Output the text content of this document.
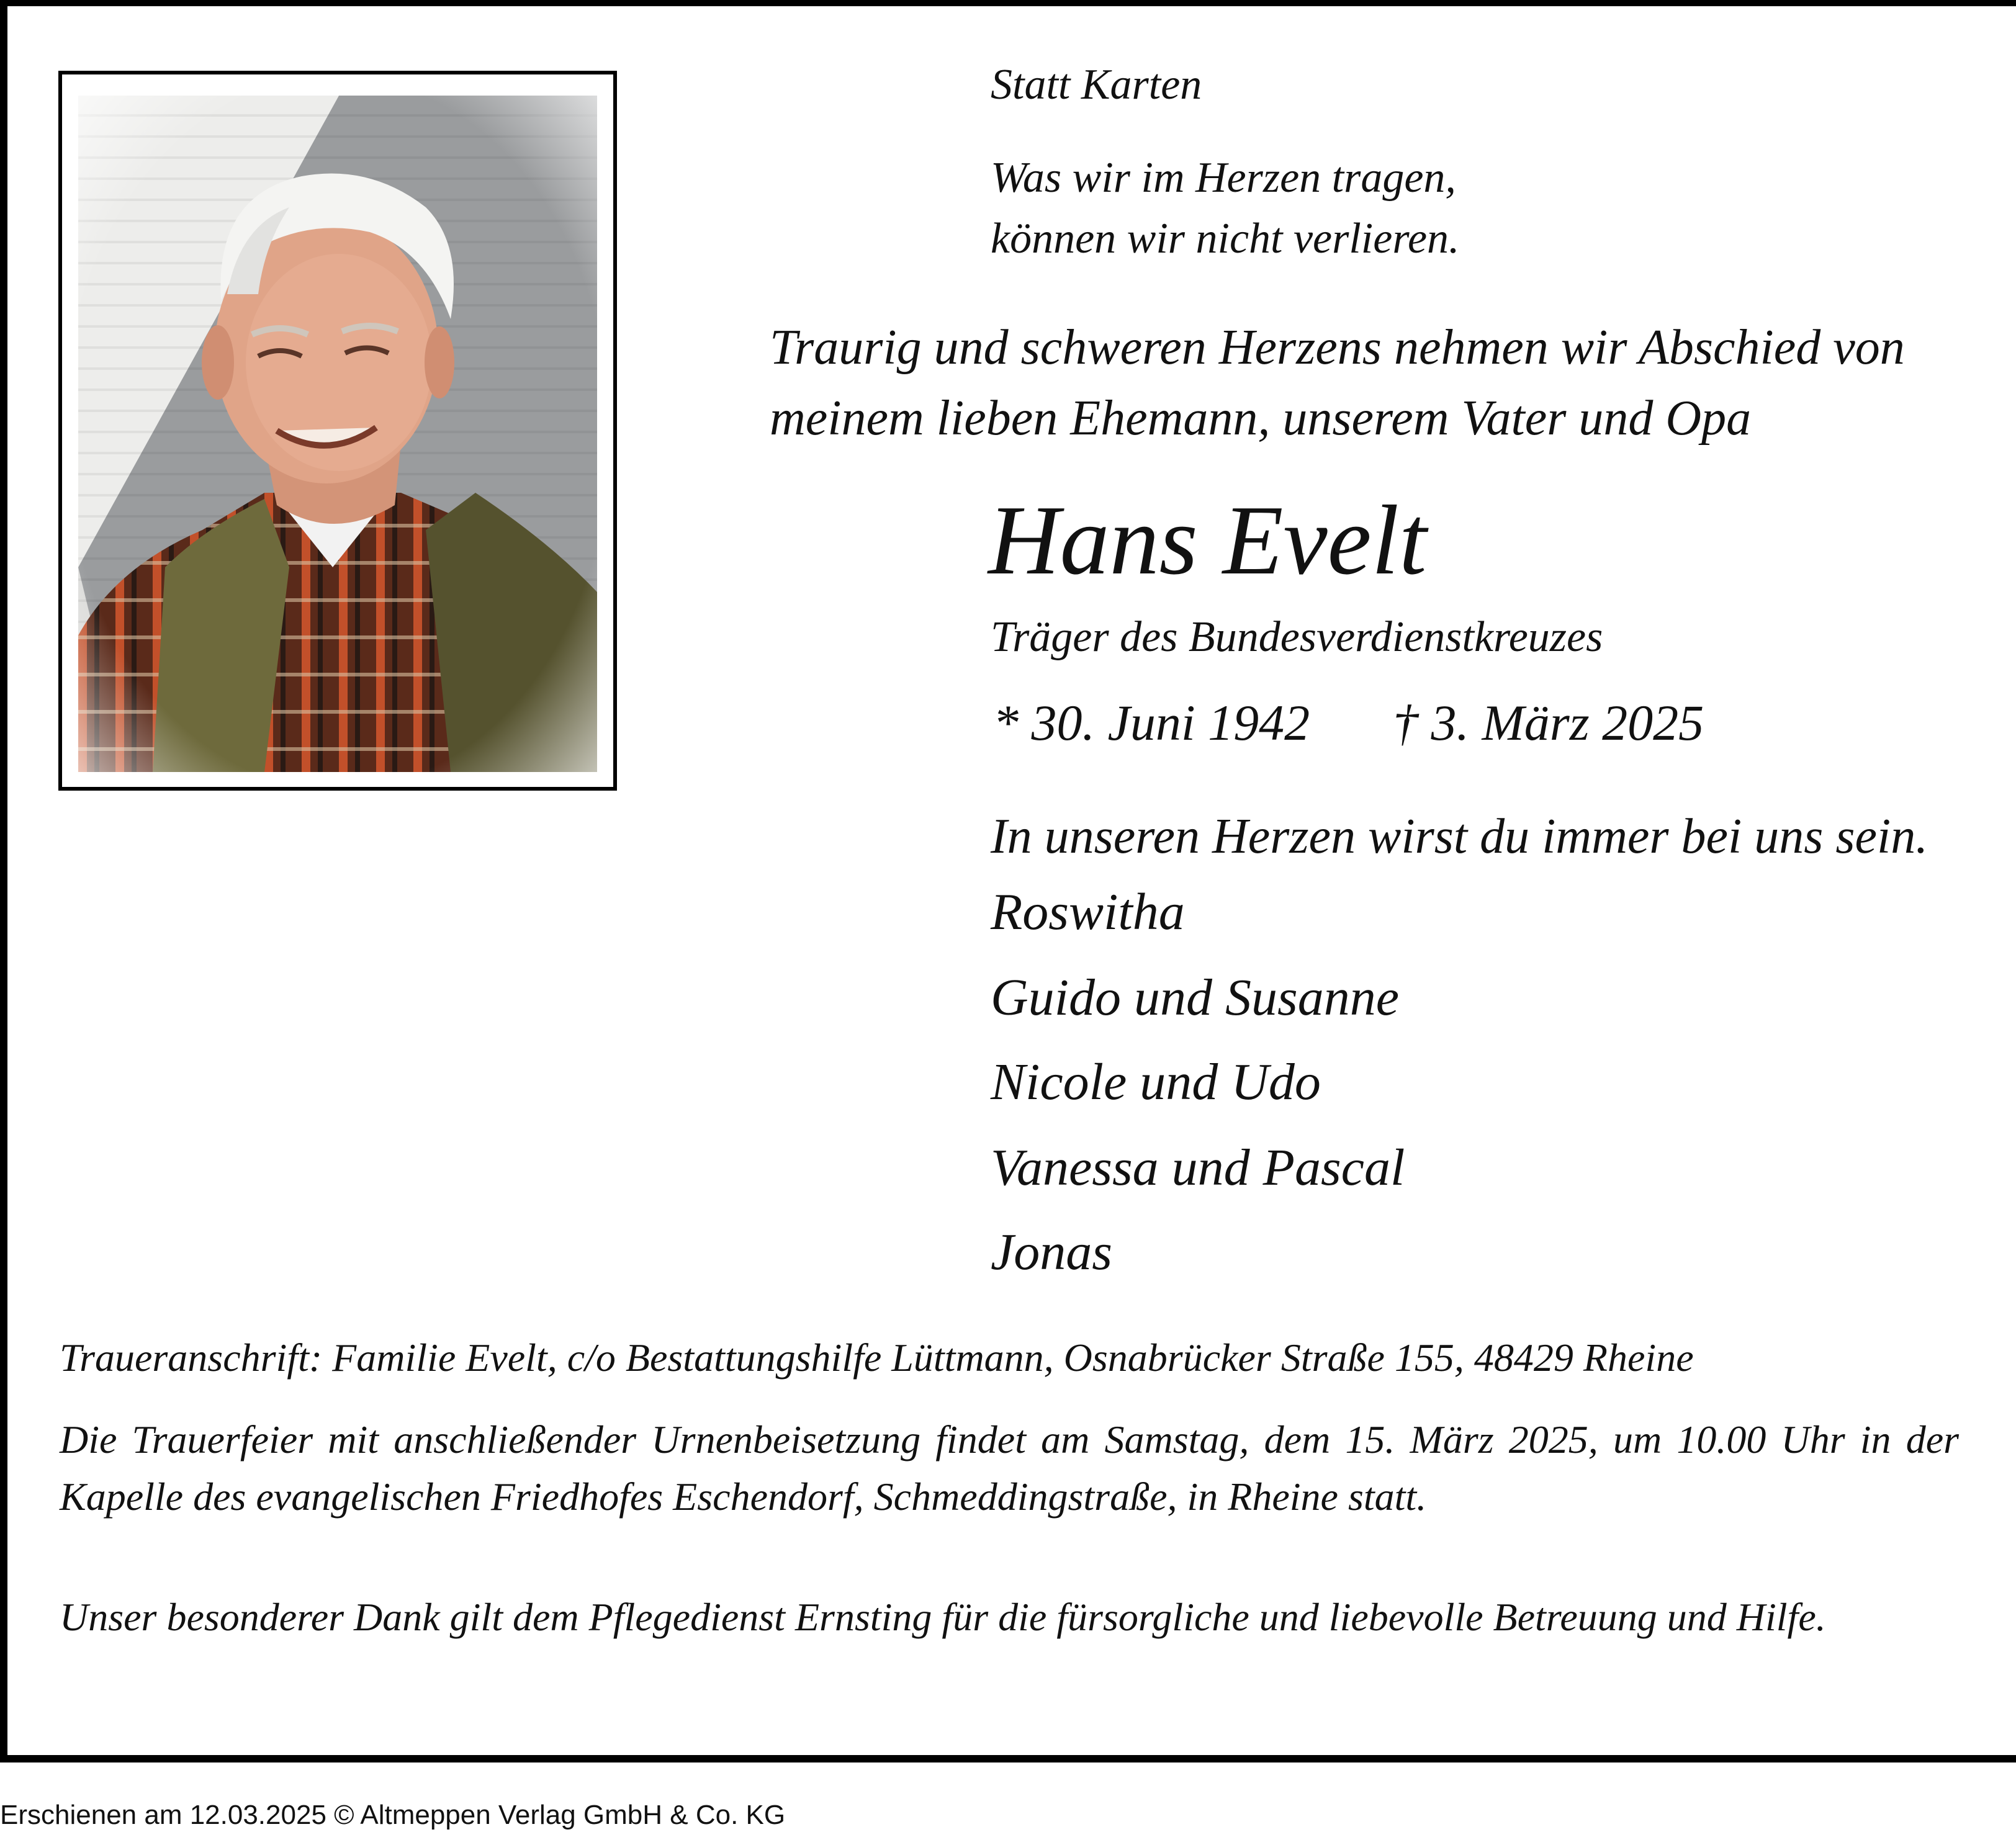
Statt Karten

Was wir im Herzen tragen,

können wir nicht verlieren.

Traurig und schweren Herzens nehmen wir Abschied von

meinem lieben Ehemann, unserem Vater und Opa

Hans Evelt

Träger des Bundesverdienstkreuzes

* 30. Juni 1942 † 3. März 2025

In unseren Herzen wirst du immer bei uns sein.

Roswitha

Guido und Susanne

Nicole und Udo

Vanessa und Pascal

Jonas

Traueranschrift: Familie Evelt, c/o Bestattungshilfe Lüttmann, Osnabrücker Straße 155, 48429 Rheine

Die Trauerfeier mit anschließender Urnenbeisetzung findet am Samstag, dem 15. März 2025, um 10.00 Uhr in der Kapelle des evangelischen Friedhofes Eschendorf, Schmeddingstraße, in Rheine statt.

Unser besonderer Dank gilt dem Pflegedienst Ernsting für die fürsorgliche und liebevolle Betreuung und Hilfe.

Erschienen am 12.03.2025 © Altmeppen Verlag GmbH & Co. KG
